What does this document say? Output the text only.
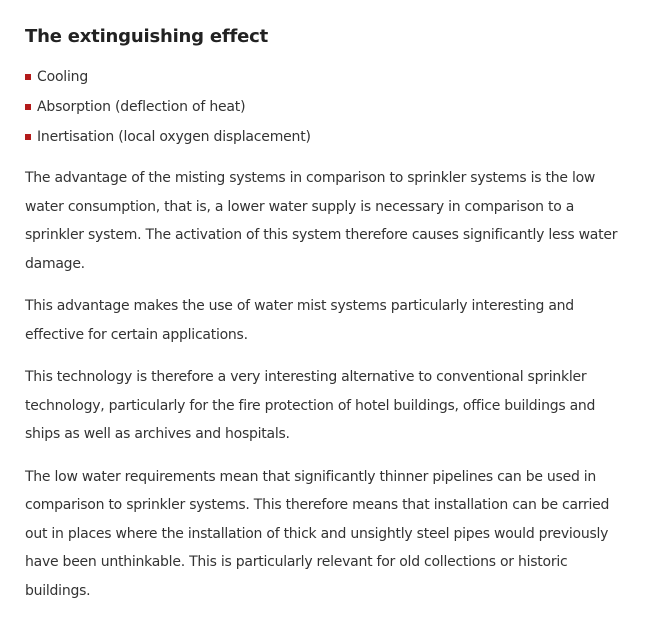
The extinguishing effect
Cooling
Absorption (deflection of heat)
Inertisation (local oxygen displacement)

The advantage of the misting systems in comparison to sprinkler systems is the low water consumption, that is, a lower water supply is necessary in comparison to a sprinkler system. The activation of this system therefore causes significantly less water damage.

This advantage makes the use of water mist systems particularly interesting and effective for certain applications.

This technology is therefore a very interesting alternative to conventional sprinkler technology, particularly for the fire protection of hotel buildings, office buildings and ships as well as archives and hospitals.

The low water requirements mean that significantly thinner pipelines can be used in comparison to sprinkler systems. This therefore means that installation can be carried out in places where the installation of thick and unsightly steel pipes would previously have been unthinkable. This is particularly relevant for old collections or historic buildings.
